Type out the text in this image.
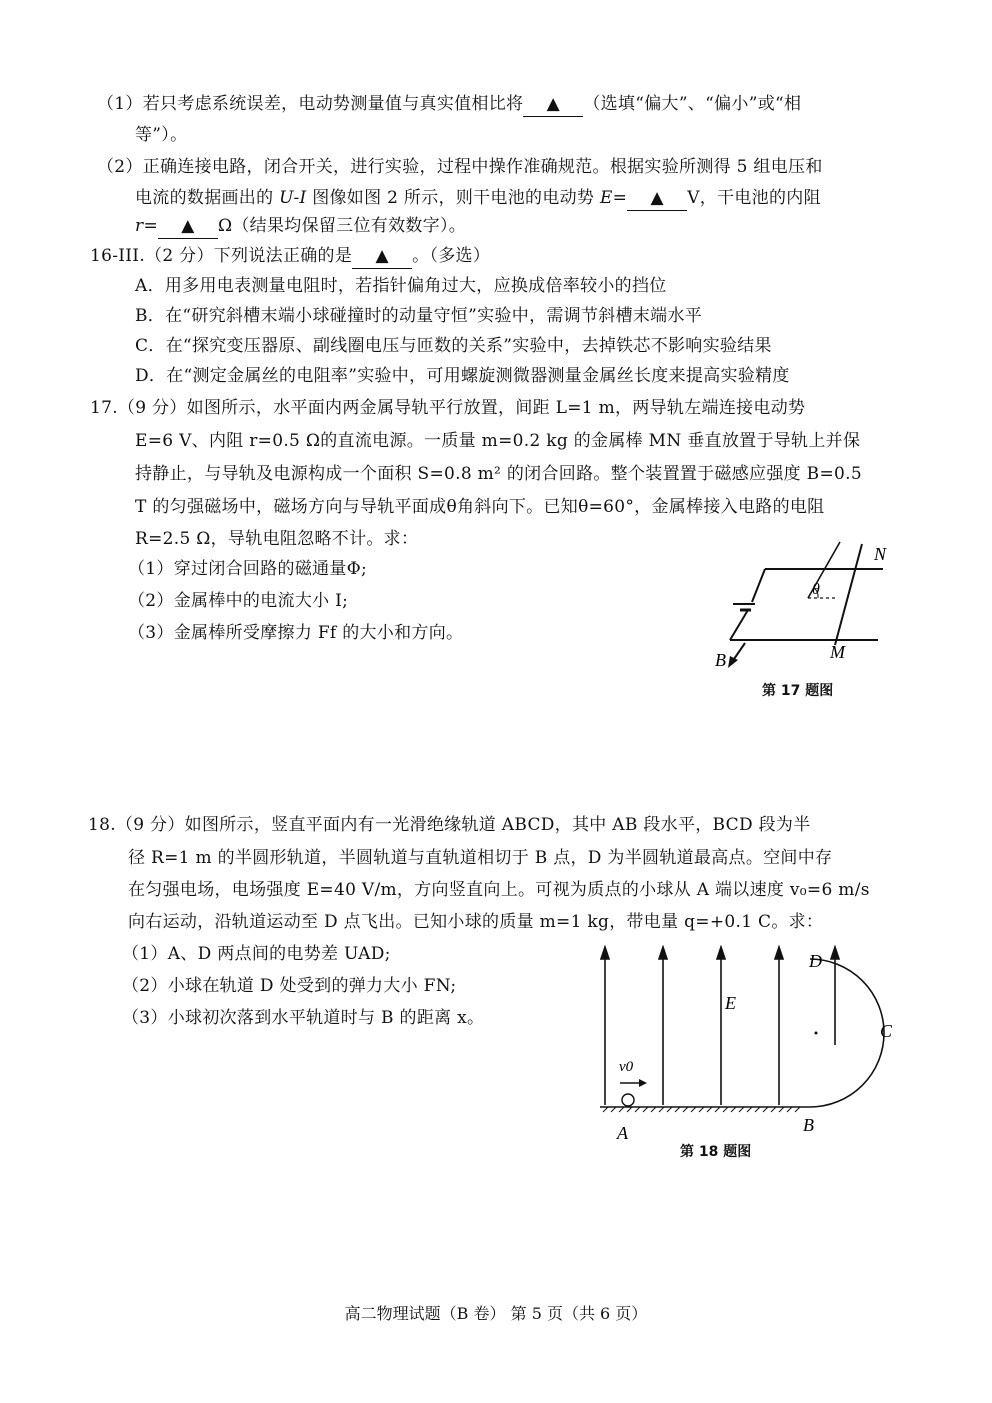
（1）若只考虑系统误差，电动势测量值与真实值相比将 ▲ （选填“偏大”、“偏小”或“相
等”）。
（2）正确连接电路，闭合开关，进行实验，过程中操作准确规范。根据实验所测得 5 组电压和
电流的数据画出的 U-I 图像如图 2 所示，则干电池的电动势 E= ▲ V，干电池的内阻
r= ▲ Ω（结果均保留三位有效数字）。
16-III.（2 分）下列说法正确的是 ▲ 。（多选）
A．用多用电表测量电阻时，若指针偏角过大，应换成倍率较小的挡位
B．在“研究斜槽末端小球碰撞时的动量守恒”实验中，需调节斜槽末端水平
C．在“探究变压器原、副线圈电压与匝数的关系”实验中，去掉铁芯不影响实验结果
D．在“测定金属丝的电阻率”实验中，可用螺旋测微器测量金属丝长度来提高实验精度
17.（9 分）如图所示，水平面内两金属导轨平行放置，间距 L=1 m，两导轨左端连接电动势
E=6 V、内阻 r=0.5 Ω的直流电源。一质量 m=0.2 kg 的金属棒 MN 垂直放置于导轨上并保
持静止，与导轨及电源构成一个面积 S=0.8 m² 的闭合回路。整个装置置于磁感应强度 B=0.5
T 的匀强磁场中，磁场方向与导轨平面成θ角斜向下。已知θ=60°，金属棒接入电路的电阻
R=2.5 Ω，导轨电阻忽略不计。求：
（1）穿过闭合回路的磁通量Φ;
（2）金属棒中的电流大小 I;
（3）金属棒所受摩擦力 Ff 的大小和方向。
N
M
B
θ
第 17 题图
18.（9 分）如图所示，竖直平面内有一光滑绝缘轨道 ABCD，其中 AB 段水平，BCD 段为半
径 R=1 m 的半圆形轨道，半圆轨道与直轨道相切于 B 点，D 为半圆轨道最高点。空间中存
在匀强电场，电场强度 E=40 V/m，方向竖直向上。可视为质点的小球从 A 端以速度 v₀=6 m/s
向右运动，沿轨道运动至 D 点飞出。已知小球的质量 m=1 kg，带电量 q=+0.1 C。求：
（1）A、D 两点间的电势差 UAD;
（2）小球在轨道 D 处受到的弹力大小 FN;
（3）小球初次落到水平轨道时与 B 的距离 x。
v0
E
D
C
A	B
第 18 题图
高二物理试题（B 卷） 第 5 页（共 6 页）
